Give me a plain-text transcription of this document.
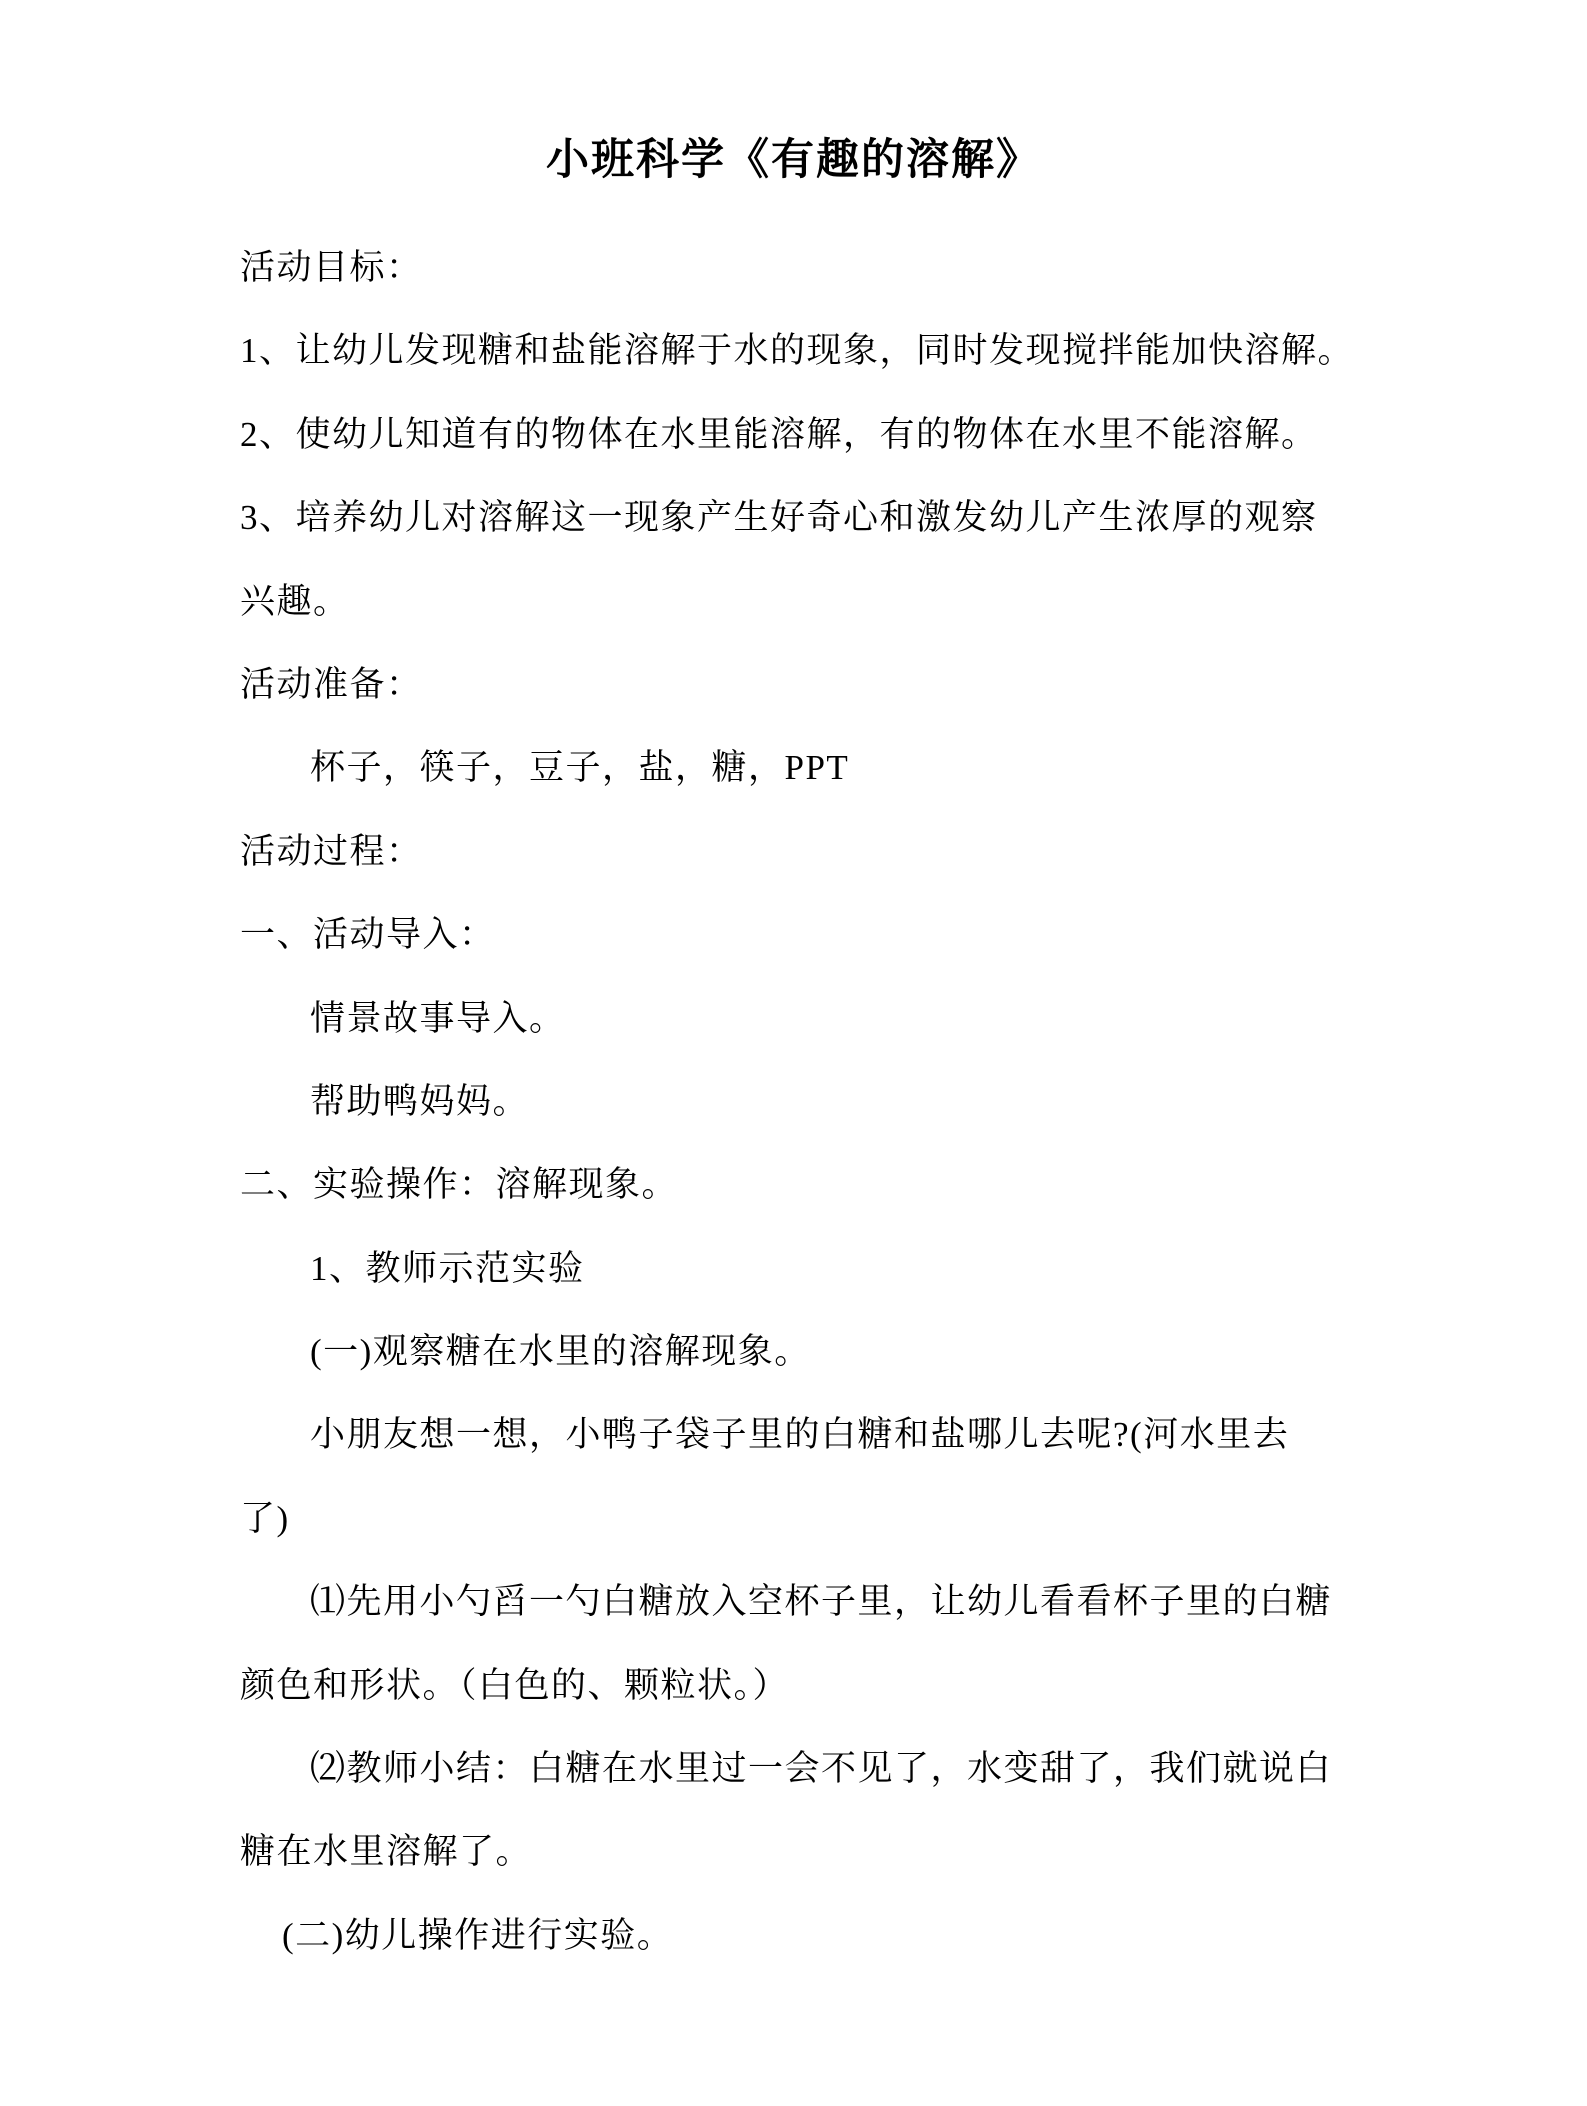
小班科学《有趣的溶解》
活动目标：
1、让幼儿发现糖和盐能溶解于水的现象，同时发现搅拌能加快溶解。
2、使幼儿知道有的物体在水里能溶解，有的物体在水里不能溶解。
3、培养幼儿对溶解这一现象产生好奇心和激发幼儿产生浓厚的观察
兴趣。
活动准备：
杯子，筷子，豆子，盐，糖，PPT
活动过程：
一、活动导入：
情景故事导入。
帮助鸭妈妈。
二、实验操作：溶解现象。
1、教师示范实验
(一)观察糖在水里的溶解现象。
小朋友想一想，小鸭子袋子里的白糖和盐哪儿去呢?(河水里去
了)
⑴先用小勺舀一勺白糖放入空杯子里，让幼儿看看杯子里的白糖
颜色和形状。（白色的、颗粒状。）
⑵教师小结：白糖在水里过一会不见了，水变甜了，我们就说白
糖在水里溶解了。
(二)幼儿操作进行实验。
